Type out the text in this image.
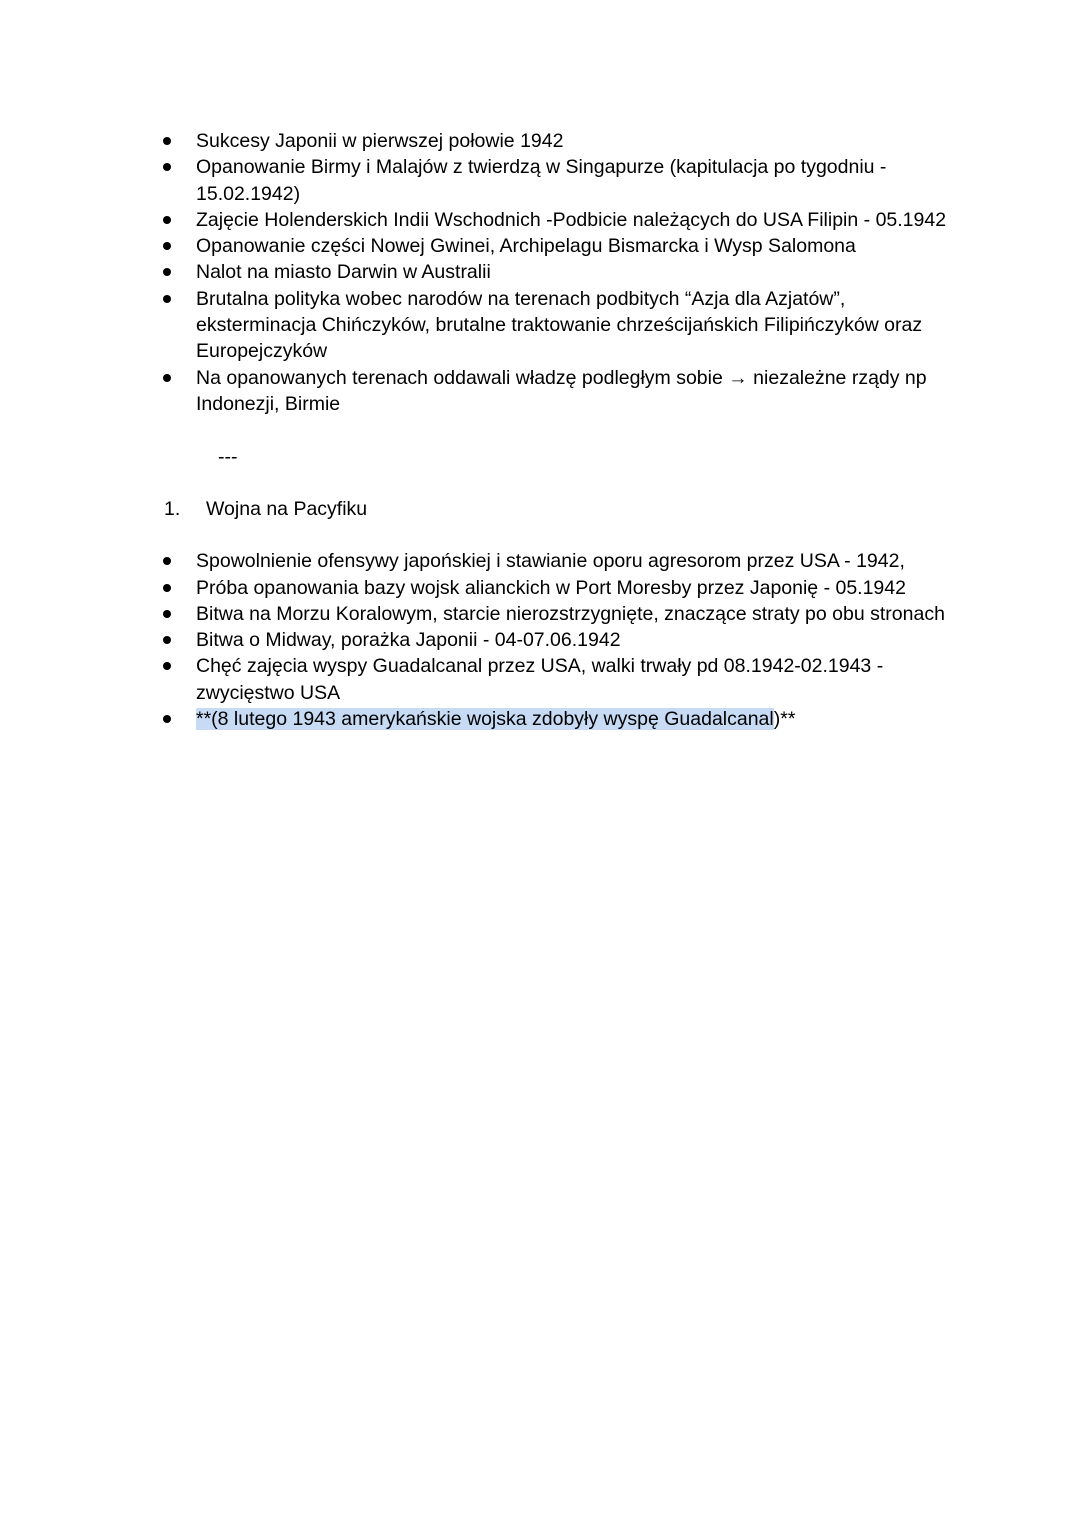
Sukcesy Japonii w pierwszej połowie 1942
Opanowanie Birmy i Malajów z twierdzą w Singapurze (kapitulacja po tygodniu - 15.02.1942)
Zajęcie Holenderskich Indii Wschodnich -Podbicie należących do USA Filipin - 05.1942
Opanowanie części Nowej Gwinei, Archipelagu Bismarcka i Wysp Salomona
Nalot na miasto Darwin w Australii
Brutalna polityka wobec narodów na terenach podbitych “Azja dla Azjatów”, eksterminacja Chińczyków, brutalne traktowanie chrześcijańskich Filipińczyków oraz Europejczyków
Na opanowanych terenach oddawali władzę podległym sobie → niezależne rządy np Indonezji, Birmie
---
1.	Wojna na Pacyfiku
Spowolnienie ofensywy japońskiej i stawianie oporu agresorom przez USA - 1942,
Próba opanowania bazy wojsk alianckich w Port Moresby przez Japonię - 05.1942
Bitwa na Morzu Koralowym, starcie nierozstrzygnięte, znaczące straty po obu stronach
Bitwa o Midway, porażka Japonii - 04-07.06.1942
Chęć zajęcia wyspy Guadalcanal przez USA, walki trwały pd 08.1942-02.1943 - zwycięstwo USA
**(8 lutego 1943 amerykańskie wojska zdobyły wyspę Guadalcanal)**
